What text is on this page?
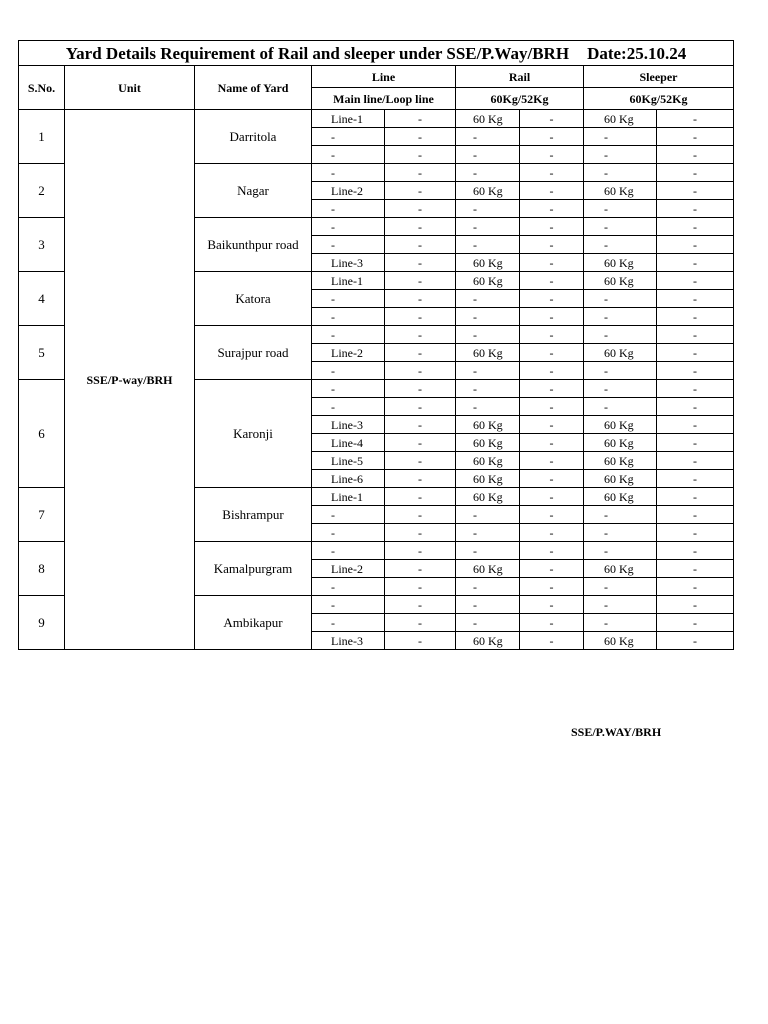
Yard Details Requirement of Rail and sleeper under SSE/P.Way/BRH Date:25.10.24								
S.No.	Unit	Name of Yard	Line		Rail		Sleeper	
			Main line/Loop line		60Kg/52Kg		60Kg/52Kg	
1	SSE/P-way/BRH	Darritola	Line-1	-	60 Kg	-	60 Kg	-
			-	-	-	-	-	-
			-	-	-	-	-	-
2		Nagar	-	-	-	-	-	-
			Line-2	-	60 Kg	-	60 Kg	-
			-	-	-	-	-	-
3		Baikunthpur road	-	-	-	-	-	-
			-	-	-	-	-	-
			Line-3	-	60 Kg	-	60 Kg	-
4		Katora	Line-1	-	60 Kg	-	60 Kg	-
			-	-	-	-	-	-
			-	-	-	-	-	-
5		Surajpur road	-	-	-	-	-	-
			Line-2	-	60 Kg	-	60 Kg	-
			-	-	-	-	-	-
6		Karonji	-	-	-	-	-	-
			-	-	-	-	-	-
			Line-3	-	60 Kg	-	60 Kg	-
			Line-4	-	60 Kg	-	60 Kg	-
			Line-5	-	60 Kg	-	60 Kg	-
			Line-6	-	60 Kg	-	60 Kg	-
7		Bishrampur	Line-1	-	60 Kg	-	60 Kg	-
			-	-	-	-	-	-
			-	-	-	-	-	-
8		Kamalpurgram	-	-	-	-	-	-
			Line-2	-	60 Kg	-	60 Kg	-
			-	-	-	-	-	-
9		Ambikapur	-	-	-	-	-	-
			-	-	-	-	-	-
			Line-3	-	60 Kg	-	60 Kg	-
SSE/P.WAY/BRH
